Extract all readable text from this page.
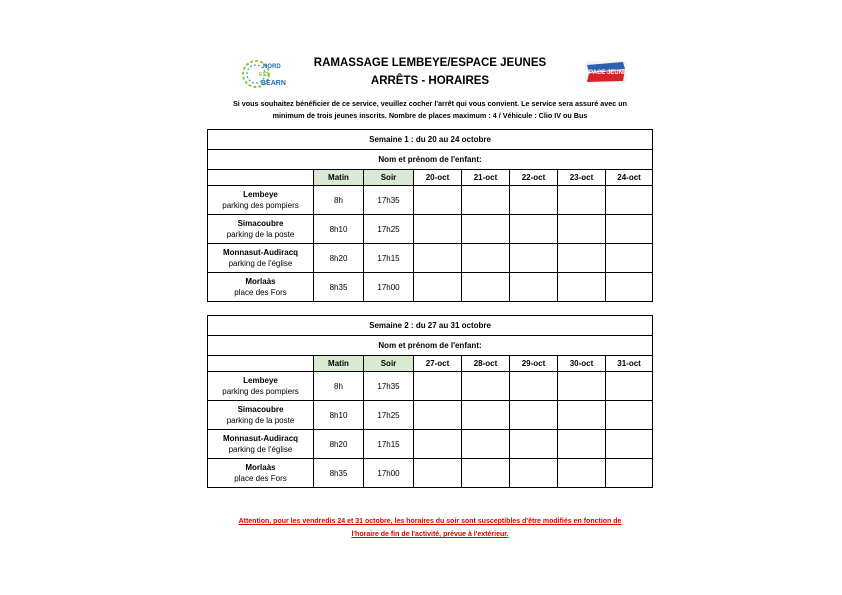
NORD
EST
BÉARN
ESPACE JEUNES
RAMASSAGE LEMBEYE/ESPACE JEUNES
ARRÊTS - HORAIRES
Si vous souhaitez bénéficier de ce service, veuillez cocher l'arrêt qui vous convient. Le service sera assuré avec un
minimum de trois jeunes inscrits. Nombre de places maximum : 4 / Véhicule : Clio IV ou Bus
Semaine 1 : du 20 au 24 octobre							
Nom et prénom de l'enfant:							
	Matin	Soir	20-oct	21-oct	22-oct	23-oct	24-oct
Lembeye
parking des pompiers	8h	17h35					
Simacoubre
parking de la poste	8h10	17h25					
Monnasut-Audiracq
parking de l'église	8h20	17h15					
Morlaàs
place des Fors	8h35	17h00					
Semaine 2 : du 27 au 31 octobre							
Nom et prénom de l'enfant:							
	Matin	Soir	27-oct	28-oct	29-oct	30-oct	31-oct
Lembeye
parking des pompiers	8h	17h35					
Simacoubre
parking de la poste	8h10	17h25					
Monnasut-Audiracq
parking de l'église	8h20	17h15					
Morlaàs
place des Fors	8h35	17h00					
Attention, pour les vendredis 24 et 31 octobre, les horaires du soir sont susceptibles d'être modifiés en fonction de
l'horaire de fin de l'activité, prévue à l'extérieur.
